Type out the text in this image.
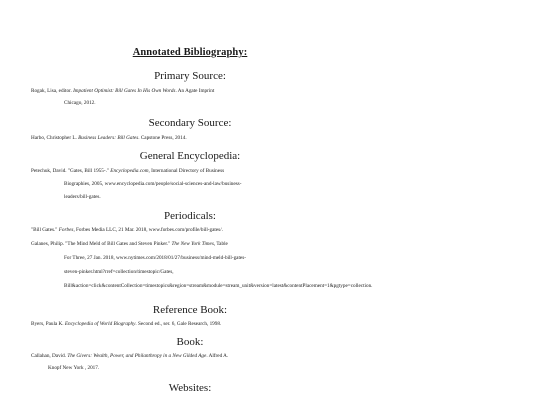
Annotated Bibliography:
Primary Source:
Rogak, Lisa, editor. Impatient Optimist: Bill Gates In His Own Words. An Agate Imprint
Chicago, 2012.
Secondary Source:
Harbo, Christopher L. Business Leaders: Bill Gates. Capstone Press, 2014.
General Encyclopedia:
Petechuk, David. "Gates, Bill 1955-." Encyclopedia.com, International Directory of Business
Biographies, 2005, www.encyclopedia.com/people/social-sciences-and-law/business-
leaders/bill-gates.
Periodicals:
"Bill Gates." Forbes, Forbes Media LLC, 21 Mar. 2018, www.forbes.com/profile/bill-gates/.
Galanes, Philip. "The Mind Meld of Bill Gates and Steven Pinker." The New York Times, Table
For Three, 27 Jan. 2018, www.nytimes.com/2018/01/27/business/mind-meld-bill-gates-
steven-pinker.html?rref=collection/timestopic/Gates,
Bill&action=click&contentCollection=timestopics&region=stream&module=stream_unit&version=latest&contentPlacement=1&pgtype=collection.
Reference Book:
Byers, Paula K. Encyclopedia of World Biography. Second ed., ser. 6, Gale Research, 1998.
Book:
Callahan, David. The Givers: Wealth, Power, and Philanthropy in a New Gilded Age. Alfred A.
Knopf New York , 2017.
Websites:
